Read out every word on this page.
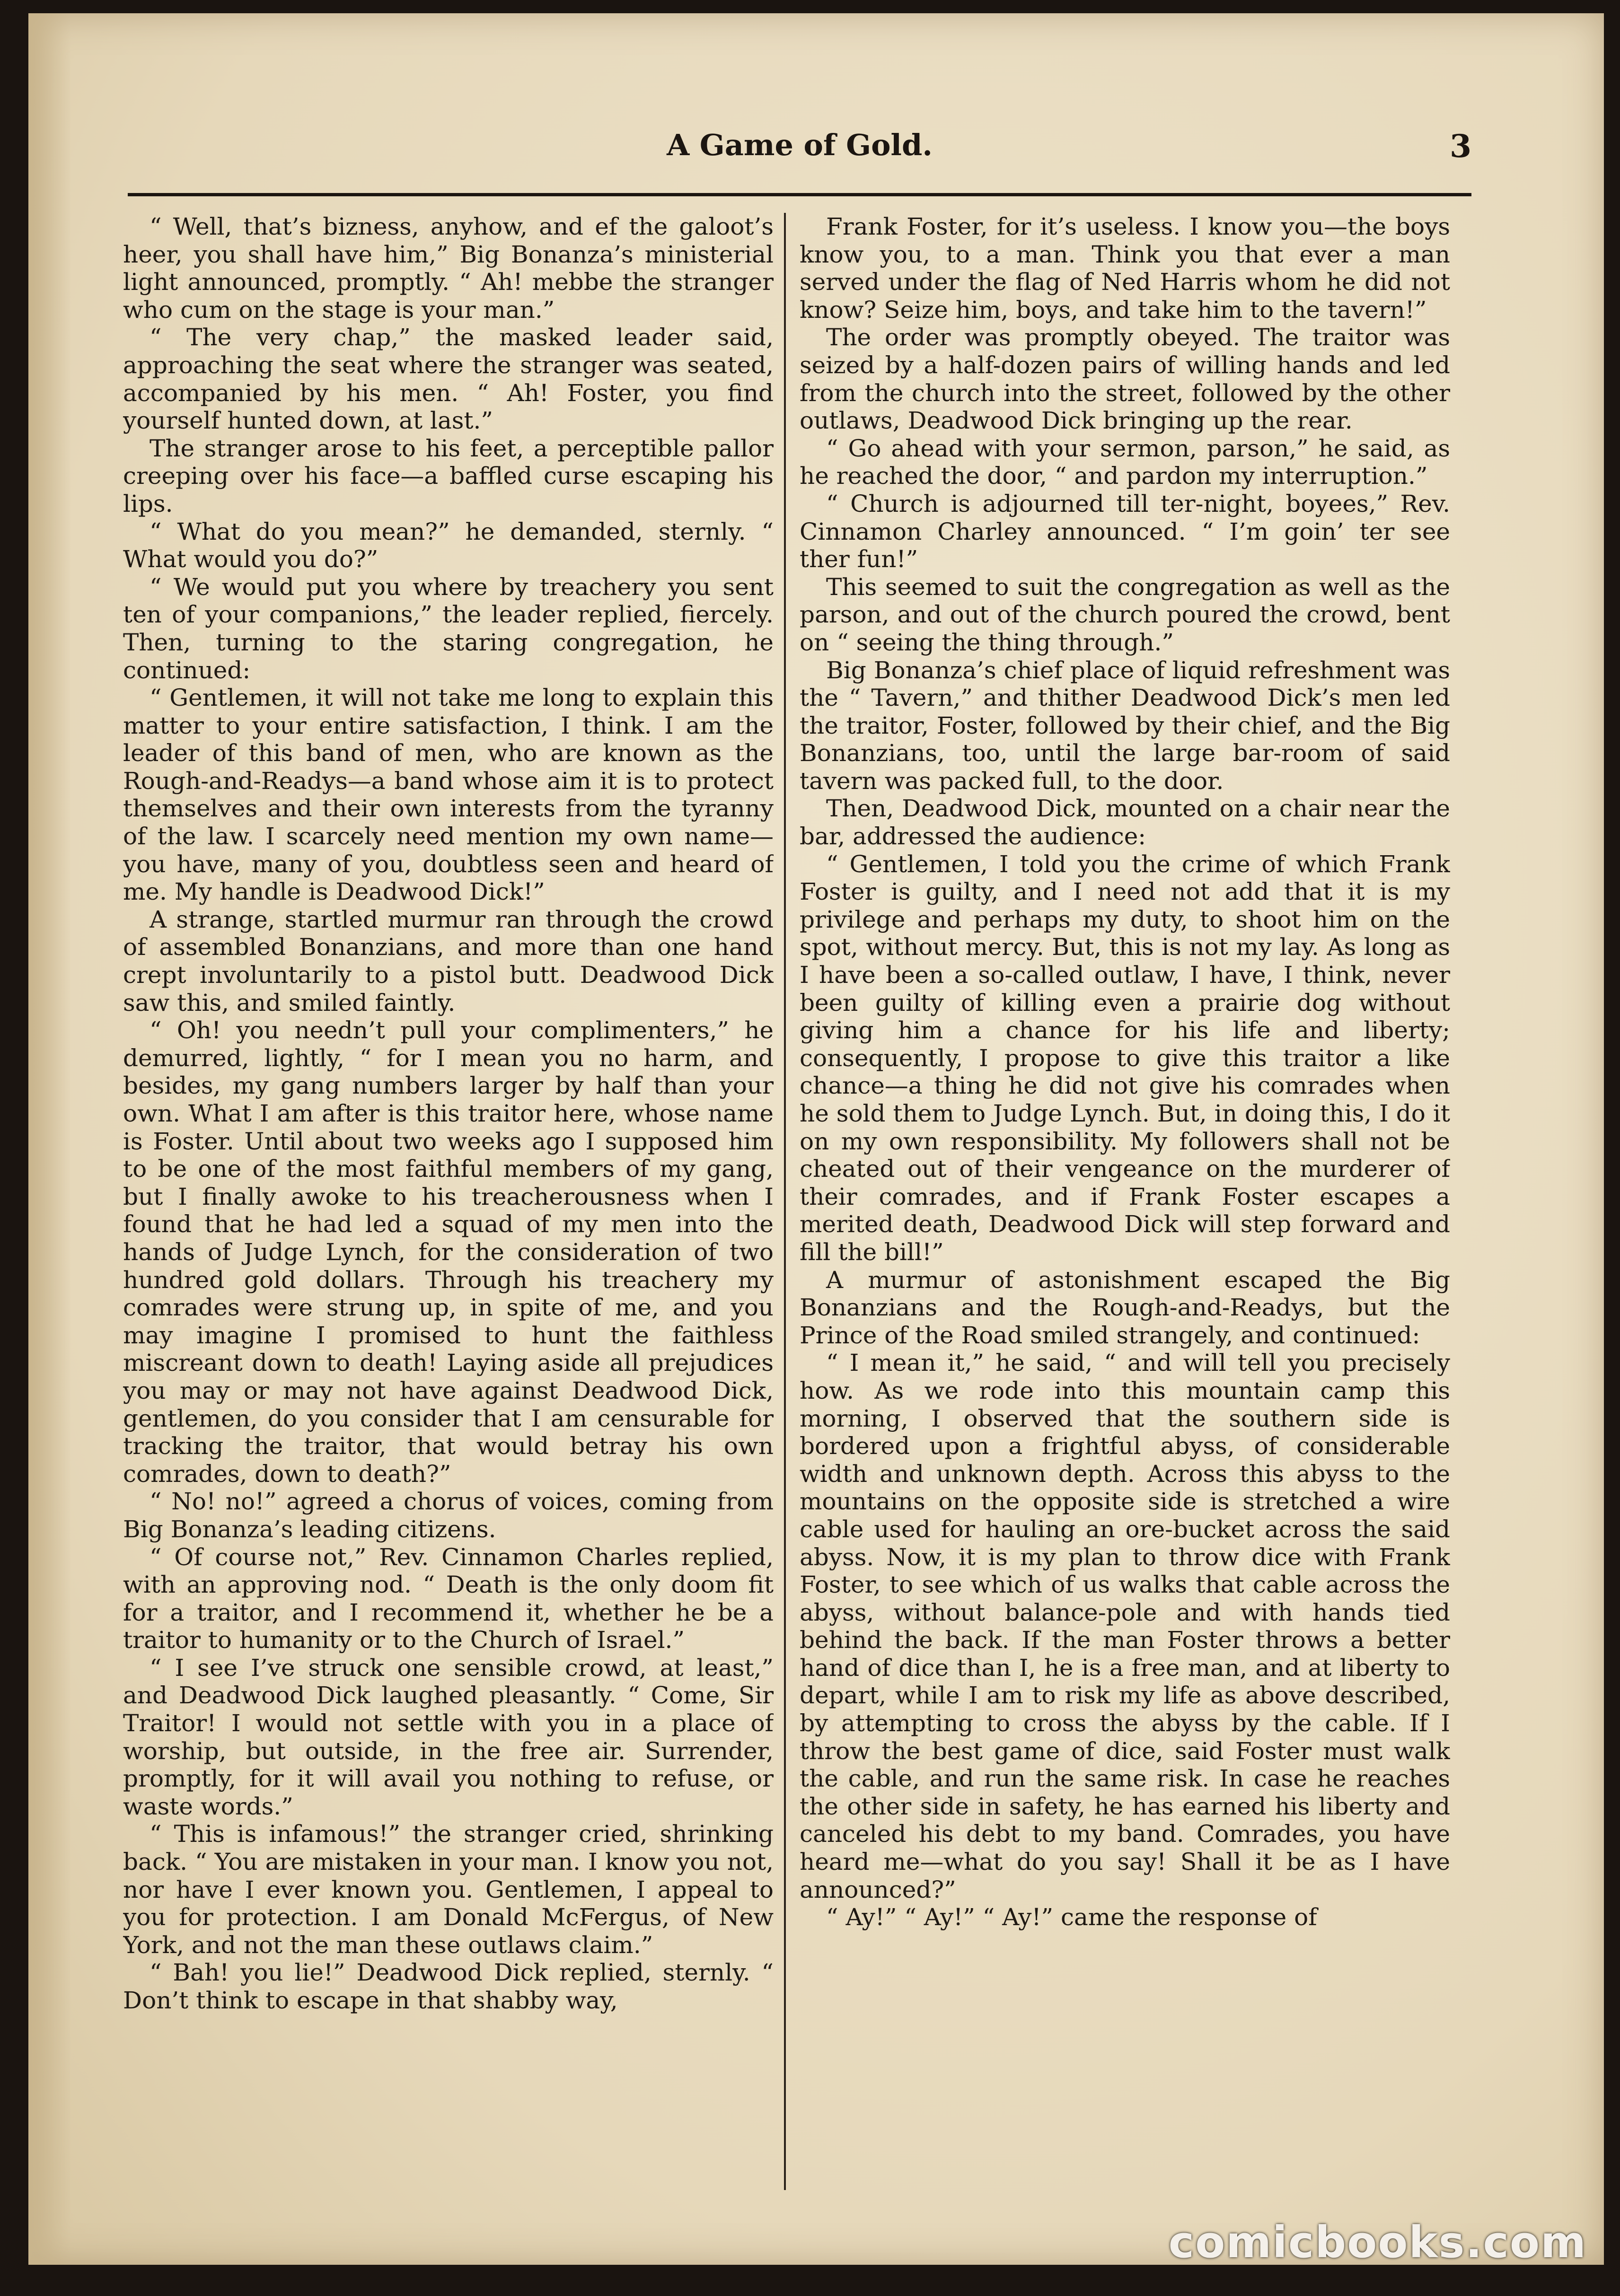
A Game of Gold.	3

“ Well, that’s bizness, anyhow, and ef the galoot’s heer, you shall have him,” Big Bonanza’s ministerial light announced, promptly. “ Ah! mebbe the stranger who cum on the stage is your man.”

“ The very chap,” the masked leader said, approaching the seat where the stranger was seated, accompanied by his men. “ Ah! Foster, you find yourself hunted down, at last.”

The stranger arose to his feet, a perceptible pallor creeping over his face—a baffled curse escaping his lips.

“ What do you mean?” he demanded, sternly. “ What would you do?”

“ We would put you where by treachery you sent ten of your companions,” the leader replied, fiercely. Then, turning to the staring congregation, he continued:

“ Gentlemen, it will not take me long to explain this matter to your entire satisfaction, I think. I am the leader of this band of men, who are known as the Rough-and-Readys—a band whose aim it is to protect themselves and their own interests from the tyranny of the law. I scarcely need mention my own name—you have, many of you, doubtless seen and heard of me. My handle is Deadwood Dick!”

A strange, startled murmur ran through the crowd of assembled Bonanzians, and more than one hand crept involuntarily to a pistol butt. Deadwood Dick saw this, and smiled faintly.

“ Oh! you needn’t pull your complimenters,” he demurred, lightly, “ for I mean you no harm, and besides, my gang numbers larger by half than your own. What I am after is this traitor here, whose name is Foster. Until about two weeks ago I supposed him to be one of the most faithful members of my gang, but I finally awoke to his treacherousness when I found that he had led a squad of my men into the hands of Judge Lynch, for the consideration of two hundred gold dollars. Through his treachery my comrades were strung up, in spite of me, and you may imagine I promised to hunt the faithless miscreant down to death! Laying aside all prejudices you may or may not have against Deadwood Dick, gentlemen, do you consider that I am censurable for tracking the traitor, that would betray his own comrades, down to death?”

“ No! no!” agreed a chorus of voices, coming from Big Bonanza’s leading citizens.

“ Of course not,” Rev. Cinnamon Charles replied, with an approving nod. “ Death is the only doom fit for a traitor, and I recommend it, whether he be a traitor to humanity or to the Church of Israel.”

“ I see I’ve struck one sensible crowd, at least,” and Deadwood Dick laughed pleasantly. “ Come, Sir Traitor! I would not settle with you in a place of worship, but outside, in the free air. Surrender, promptly, for it will avail you nothing to refuse, or waste words.”

“ This is infamous!” the stranger cried, shrinking back. “ You are mistaken in your man. I know you not, nor have I ever known you. Gentlemen, I appeal to you for protection. I am Donald McFergus, of New York, and not the man these outlaws claim.”

“ Bah! you lie!” Deadwood Dick replied, sternly. “ Don’t think to escape in that shabby way,

Frank Foster, for it’s useless. I know you—the boys know you, to a man. Think you that ever a man served under the flag of Ned Harris whom he did not know? Seize him, boys, and take him to the tavern!”

The order was promptly obeyed. The traitor was seized by a half-dozen pairs of willing hands and led from the church into the street, followed by the other outlaws, Deadwood Dick bringing up the rear.

“ Go ahead with your sermon, parson,” he said, as he reached the door, “ and pardon my interruption.”

“ Church is adjourned till ter-night, boyees,” Rev. Cinnamon Charley announced. “ I’m goin’ ter see ther fun!”

This seemed to suit the congregation as well as the parson, and out of the church poured the crowd, bent on “ seeing the thing through.”

Big Bonanza’s chief place of liquid refreshment was the “ Tavern,” and thither Deadwood Dick’s men led the traitor, Foster, followed by their chief, and the Big Bonanzians, too, until the large bar-room of said tavern was packed full, to the door.

Then, Deadwood Dick, mounted on a chair near the bar, addressed the audience:

“ Gentlemen, I told you the crime of which Frank Foster is guilty, and I need not add that it is my privilege and perhaps my duty, to shoot him on the spot, without mercy. But, this is not my lay. As long as I have been a so-called outlaw, I have, I think, never been guilty of killing even a prairie dog without giving him a chance for his life and liberty; consequently, I propose to give this traitor a like chance—a thing he did not give his comrades when he sold them to Judge Lynch. But, in doing this, I do it on my own responsibility. My followers shall not be cheated out of their vengeance on the murderer of their comrades, and if Frank Foster escapes a merited death, Deadwood Dick will step forward and fill the bill!”

A murmur of astonishment escaped the Big Bonanzians and the Rough-and-Readys, but the Prince of the Road smiled strangely, and continued:

“ I mean it,” he said, “ and will tell you precisely how. As we rode into this mountain camp this morning, I observed that the southern side is bordered upon a frightful abyss, of considerable width and unknown depth. Across this abyss to the mountains on the opposite side is stretched a wire cable used for hauling an ore-bucket across the said abyss. Now, it is my plan to throw dice with Frank Foster, to see which of us walks that cable across the abyss, without balance-pole and with hands tied behind the back. If the man Foster throws a better hand of dice than I, he is a free man, and at liberty to depart, while I am to risk my life as above described, by attempting to cross the abyss by the cable. If I throw the best game of dice, said Foster must walk the cable, and run the same risk. In case he reaches the other side in safety, he has earned his liberty and canceled his debt to my band. Comrades, you have heard me—what do you say! Shall it be as I have announced?”

“ Ay!” “ Ay!” “ Ay!” came the response of

comicbooks.com
